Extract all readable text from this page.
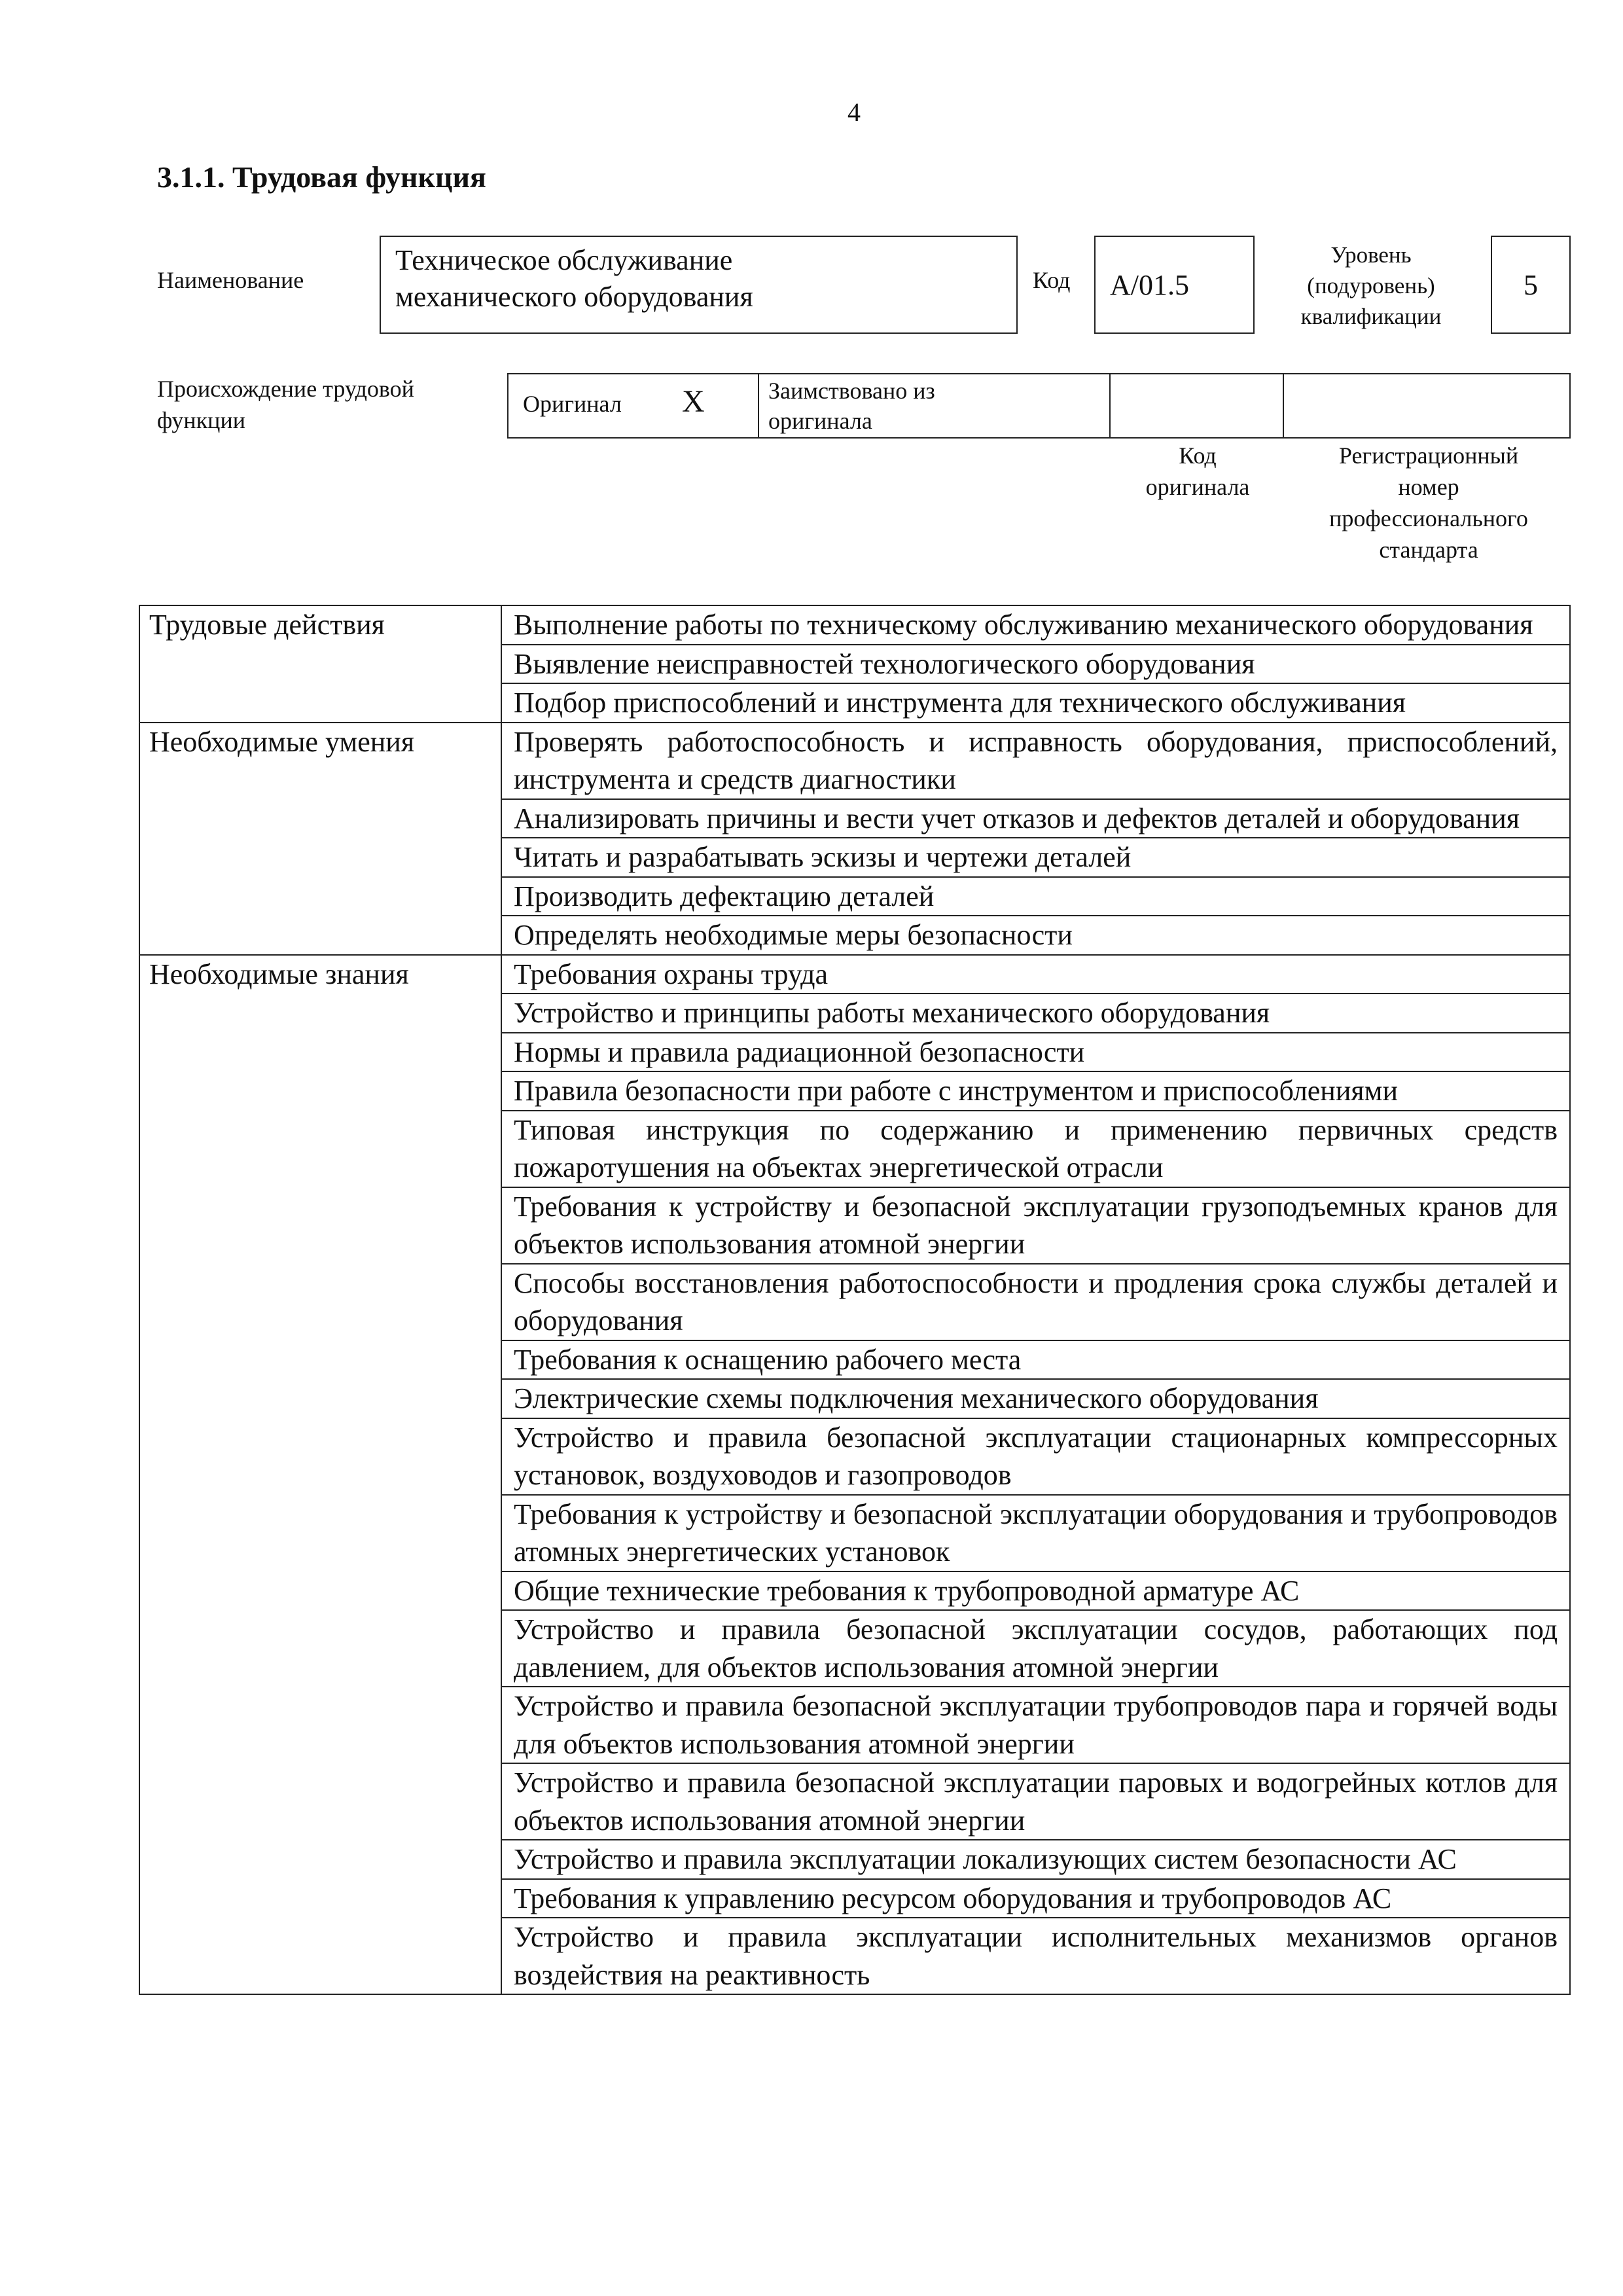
4
3.1.1. Трудовая функция
Наименование
Техническое обслуживание
механического оборудования
Код A/01.5
Уровень
(подуровень)
квалификации
5
Происхождение трудовой
функции
Оригинал X	Заимствовано из
оригинала
Код
оригинала
Регистрационный
номер
профессионального
стандарта
Трудовые действия	Выполнение работы по техническому обслуживанию механического оборудования
	Выявление неисправностей технологического оборудования
	Подбор приспособлений и инструмента для технического обслуживания
Необходимые умения	Проверять работоспособность и исправность оборудования, приспособлений, инструмента и средств диагностики
	Анализировать причины и вести учет отказов и дефектов деталей и оборудования
	Читать и разрабатывать эскизы и чертежи деталей
	Производить дефектацию деталей
	Определять необходимые меры безопасности
Необходимые знания	Требования охраны труда
	Устройство и принципы работы механического оборудования
	Нормы и правила радиационной безопасности
	Правила безопасности при работе с инструментом и приспособлениями
	Типовая инструкция по содержанию и применению первичных средств пожаротушения на объектах энергетической отрасли
	Требования к устройству и безопасной эксплуатации грузоподъемных кранов для объектов использования атомной энергии
	Способы восстановления работоспособности и продления срока службы деталей и оборудования
	Требования к оснащению рабочего места
	Электрические схемы подключения механического оборудования
	Устройство и правила безопасной эксплуатации стационарных компрессорных установок, воздуховодов и газопроводов
	Требования к устройству и безопасной эксплуатации оборудования и трубопроводов атомных энергетических установок
	Общие технические требования к трубопроводной арматуре АС
	Устройство и правила безопасной эксплуатации сосудов, работающих под давлением, для объектов использования атомной энергии
	Устройство и правила безопасной эксплуатации трубопроводов пара и горячей воды для объектов использования атомной энергии
	Устройство и правила безопасной эксплуатации паровых и водогрейных котлов для объектов использования атомной энергии
	Устройство и правила эксплуатации локализующих систем безопасности АС
	Требования к управлению ресурсом оборудования и трубопроводов АС
	Устройство и правила эксплуатации исполнительных механизмов органов воздействия на реактивность
